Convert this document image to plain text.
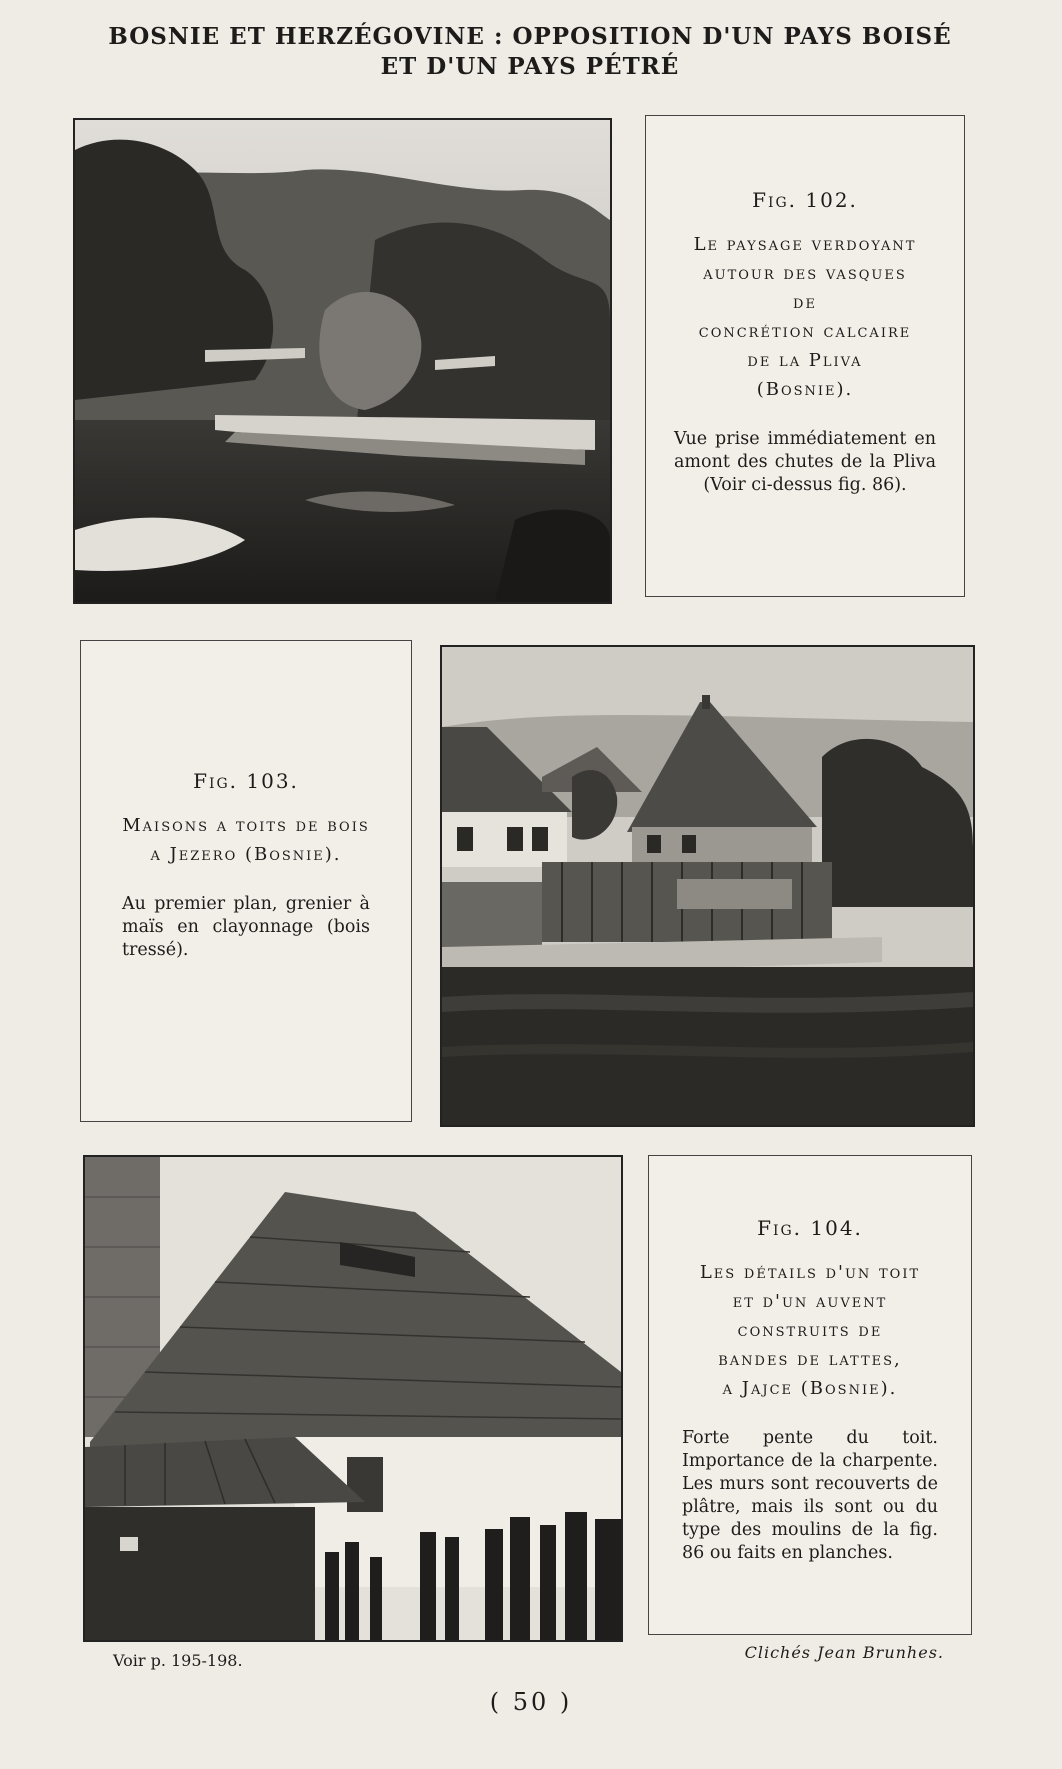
BOSNIE ET HERZÉGOVINE : OPPOSITION D'UN PAYS BOISÉ
ET D'UN PAYS PÉTRÉ
Fig. 102.
Le paysage verdoyant
autour des vasques
de
concrétion calcaire
de la Pliva
(Bosnie).
Vue prise immédiatement en amont des chutes de la Pliva (Voir ci-dessus fig. 86).
Fig. 103.
Maisons a toits de bois
a Jezero (Bosnie).
Au premier plan, grenier à maïs en clayonnage (bois tressé).
Fig. 104.
Les détails d'un toit
et d'un auvent
construits de
bandes de lattes,
a Jajce (Bosnie).
Forte pente du toit. Importance de la charpente. Les murs sont recouverts de plâtre, mais ils sont ou du type des moulins de la fig. 86 ou faits en planches.
Voir p. 195-198.	Clichés Jean Brunhes.
( 50 )
